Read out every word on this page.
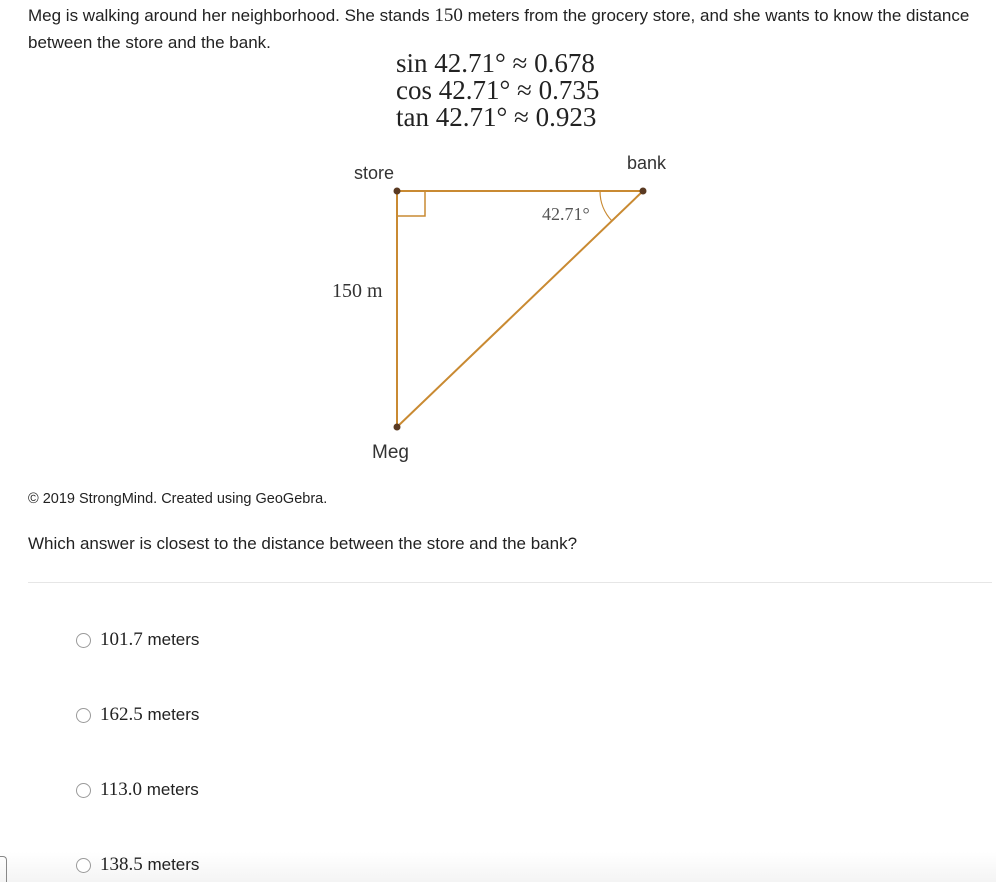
Meg is walking around her neighborhood. She stands 150 meters from the grocery store, and she wants to know the distance between the store and the bank.
sin 42.71° ≈ 0.678
cos 42.71° ≈ 0.735
tan 42.71° ≈ 0.923
store	bank
Meg
150 m
42.71°
© 2019 StrongMind. Created using GeoGebra.
Which answer is closest to the distance between the store and the bank?
101.7 meters
162.5 meters
113.0 meters
138.5 meters
